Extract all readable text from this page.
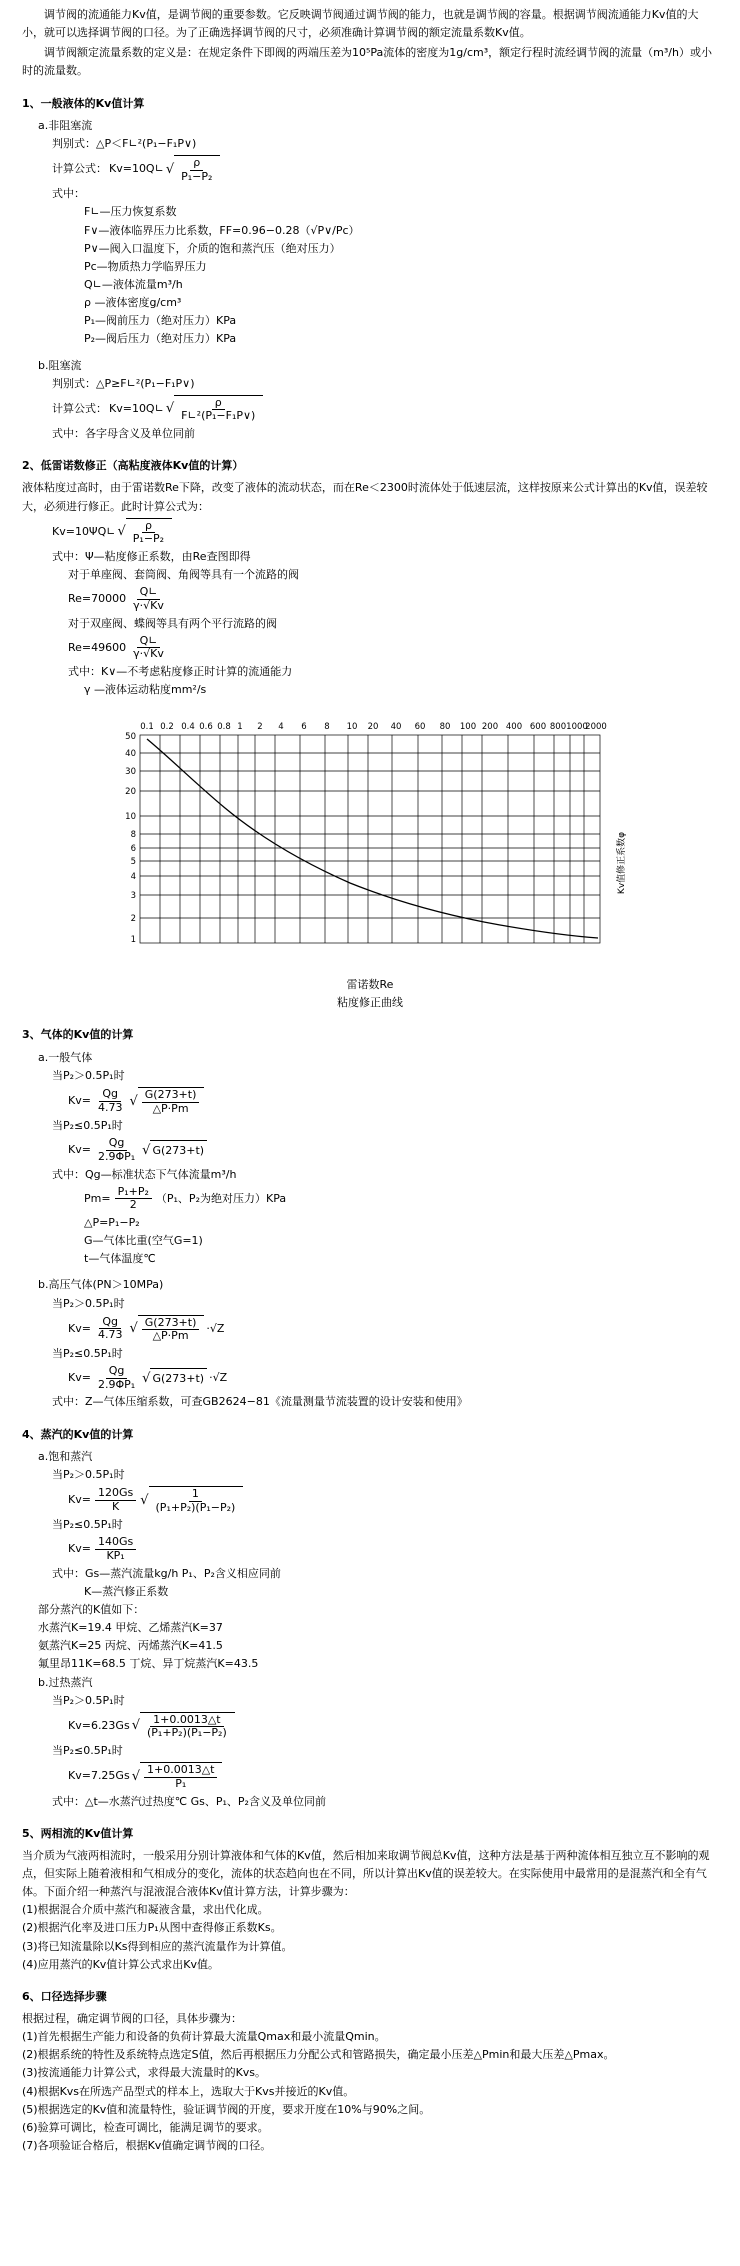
调节阀的流通能力Kv值，是调节阀的重要参数。它反映调节阀通过调节阀的能力，也就是调节阀的容量。根据调节阀流通能力Kv值的大小，就可以选择调节阀的口径。为了正确选择调节阀的尺寸，必须准确计算调节阀的额定流量系数Kv值。

调节阀额定流量系数的定义是：在规定条件下即阀的两端压差为10⁵Pa流体的密度为1g/cm³，额定行程时流经调节阀的流量（m³/h）或小时的流量数。

1、一般液体的Kv值计算

a.非阻塞流

判别式：△P＜F∟²(P₁−F₁P∨)

计算公式： Kv=10Q∟ √ $\frac{\rho}{\text{P₁−P₂}}$

式中：

F∟—压力恢复系数

F∨—液体临界压力比系数，FF=0.96−0.28（√P∨/Pc）

P∨—阀入口温度下，介质的饱和蒸汽压（绝对压力）

Pc—物质热力学临界压力

Q∟—液体流量m³/h

ρ —液体密度g/cm³

P₁—阀前压力（绝对压力）KPa

P₂—阀后压力（绝对压力）KPa

b.阻塞流

判别式：△P≥F∟²(P₁−F₁P∨)

计算公式： Kv=10Q∟ √ $\frac{\rho}{\text{F∟²(P₁−F₁P∨)}}$

式中：各字母含义及单位同前

2、低雷诺数修正（高粘度液体Kv值的计算）

液体粘度过高时，由于雷诺数Re下降，改变了液体的流动状态，而在Re＜2300时流体处于低速层流，这样按原来公式计算出的Kv值，误差较大，必须进行修正。此时计算公式为：

Kv=10ΨQ∟ √ $\frac{\rho}{\text{P₁−P₂}}$

式中：Ψ—粘度修正系数，由Re查图即得

对于单座阀、套筒阀、角阀等具有一个流路的阀

$Re=70000 \frac{Q∟}{\gamma\cdot√Kv}$

对于双座阀、蝶阀等具有两个平行流路的阀

$Re=49600 \frac{Q∟}{\gamma\cdot√Kv}$

式中：K∨—不考虑粘度修正时计算的流通能力

γ —液体运动粘度mm²/s

0.1 0.2 0.4 0.6 0.8 1 2 4 6 8 10 20 40 60 80 100 200 400 600 800 1000
2000
50
40
30
20
10
8
6
5
4
3
2
1
Kv值修正系数φ
雷诺数Re
粘度修正曲线

3、气体的Kv值的计算

a.一般气体

当P₂＞0.5P₁时

$Kv= \frac{Qg}{4.73}$ √ $\frac{G(273+t)}{\triangle P\cdot Pm}$

当P₂≤0.5P₁时

$Kv= \frac{Qg}{\text{2.9ΦP₁}}$ √ G(273+t)

式中：Qg—标准状态下气体流量m³/h

$Pm= \frac{\text{P₁+P₂}}{2} (P_1$、P₂为绝对压力）KPa

△P=P₁−P₂

G—气体比重(空气G=1)

t—气体温度℃

b.高压气体(PN＞10MPa)

当P₂＞0.5P₁时

$Kv= \frac{Qg}{4.73}$ √ $\frac{G(273+t)}{\triangle P\cdot Pm} \cdot√Z$

当P₂≤0.5P₁时

$Kv= \frac{Qg}{\text{2.9ΦP₁}}$ √ G(273+t) ·√Z

式中：Z—气体压缩系数，可查GB2624−81《流量测量节流装置的设计安装和使用》

4、蒸汽的Kv值的计算

a.饱和蒸汽

当P₂＞0.5P₁时

$Kv= \frac{120Gs}{K}$ √ $\frac{1}{\text{(P₁+P₂)(P₁−P₂)}}$

当P₂≤0.5P₁时

$Kv= \frac{140Gs}{\text{KP₁}}$

式中：Gs—蒸汽流量kg/h P₁、P₂含义相应同前

K—蒸汽修正系数

部分蒸汽的K值如下：

水蒸汽K=19.4 甲烷、乙烯蒸汽K=37

氨蒸汽K=25 丙烷、丙烯蒸汽K=41.5

氟里昂11K=68.5 丁烷、异丁烷蒸汽K=43.5

b.过热蒸汽

当P₂＞0.5P₁时

Kv=6.23Gs √ $\frac{1+0.0013\triangle t}{\text{(P₁+P₂)(P₁−P₂)}}$

当P₂≤0.5P₁时

Kv=7.25Gs √ $\frac{1+0.0013\triangle t}{\text{P₁}}$

式中：△t—水蒸汽过热度℃ Gs、P₁、P₂含义及单位同前

5、两相流的Kv值计算

当介质为气液两相流时，一般采用分别计算液体和气体的Kv值，然后相加来取调节阀总Kv值，这种方法是基于两种流体相互独立互不影响的观点，但实际上随着液相和气相成分的变化，流体的状态趋向也在不同，所以计算出Kv值的误差较大。在实际使用中最常用的是混蒸汽和全有气体。下面介绍一种蒸汽与混液混合液体Kv值计算方法，计算步骤为：

(1)根据混合介质中蒸汽和凝液含量，求出代化成。

(2)根据汽化率及进口压力P₁从图中查得修正系数Ks。

(3)将已知流量除以Ks得到相应的蒸汽流量作为计算值。

(4)应用蒸汽的Kv值计算公式求出Kv值。

6、口径选择步骤

根据过程，确定调节阀的口径，具体步骤为：

(1)首先根据生产能力和设备的负荷计算最大流量Qmax和最小流量Qmin。

(2)根据系统的特性及系统特点选定S值，然后再根据压力分配公式和管路损失，确定最小压差△Pmin和最大压差△Pmax。

(3)按流通能力计算公式，求得最大流量时的Kvs。

(4)根据Kvs在所选产品型式的样本上，选取大于Kvs并接近的Kv值。

(5)根据选定的Kv值和流量特性，验证调节阀的开度，要求开度在10%与90%之间。

(6)验算可调比，检查可调比，能满足调节的要求。

(7)各项验证合格后，根据Kv值确定调节阀的口径。
